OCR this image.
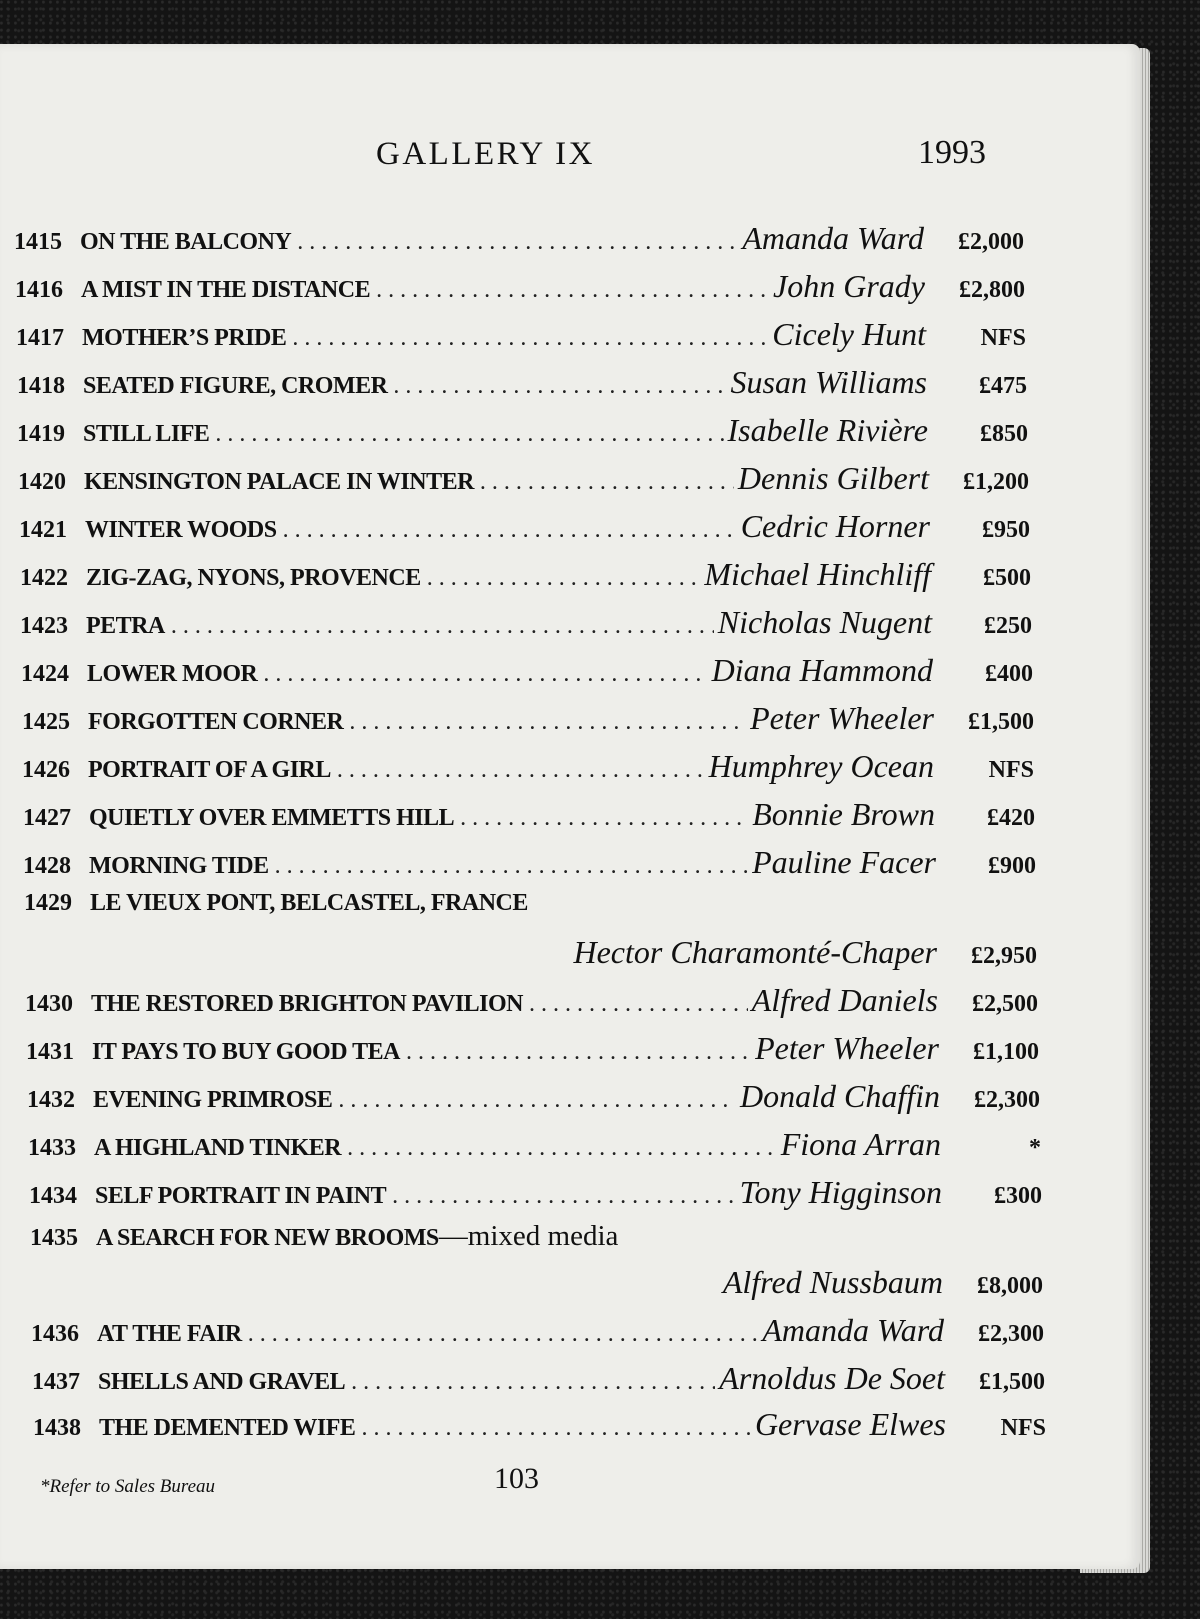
GALLERY IX	1993
1415 ON THE BALCONY . . .	Amanda Ward	£2,000
1416 A MIST IN THE DISTANCE . . .	John Grady	£2,800
1417 MOTHER’S PRIDE . . .	Cicely Hunt	NFS
1418 SEATED FIGURE, CROMER . . .	Susan Williams	£475
1419 STILL LIFE . . .	Isabelle Rivière	£850
1420 KENSINGTON PALACE IN WINTER . . .	Dennis Gilbert	£1,200
1421 WINTER WOODS . . .	Cedric Horner	£950
1422 ZIG-ZAG, NYONS, PROVENCE . . .	Michael Hinchliff	£500
1423 PETRA . . .	Nicholas Nugent	£250
1424 LOWER MOOR . . .	Diana Hammond	£400
1425 FORGOTTEN CORNER . . .	Peter Wheeler	£1,500
1426 PORTRAIT OF A GIRL . . .	Humphrey Ocean	NFS
1427 QUIETLY OVER EMMETTS HILL . . .	Bonnie Brown	£420
1428 MORNING TIDE . . .	Pauline Facer	£900
1429 LE VIEUX PONT, BELCASTEL, FRANCE
Hector Charamonté-Chaper	£2,950
1430 THE RESTORED BRIGHTON PAVILION . . .	Alfred Daniels	£2,500
1431 IT PAYS TO BUY GOOD TEA . . .	Peter Wheeler	£1,100
1432 EVENING PRIMROSE . . .	Donald Chaffin	£2,300
1433 A HIGHLAND TINKER . . .	Fiona Arran	*
1434 SELF PORTRAIT IN PAINT . . .	Tony Higginson	£300
1435 A SEARCH FOR NEW BROOMS —mixed media
Alfred Nussbaum	£8,000
1436 AT THE FAIR . . .	Amanda Ward	£2,300
1437 SHELLS AND GRAVEL . . .	Arnoldus De Soet	£1,500
1438 THE DEMENTED WIFE . . .	Gervase Elwes	NFS
*Refer to Sales Bureau	103
